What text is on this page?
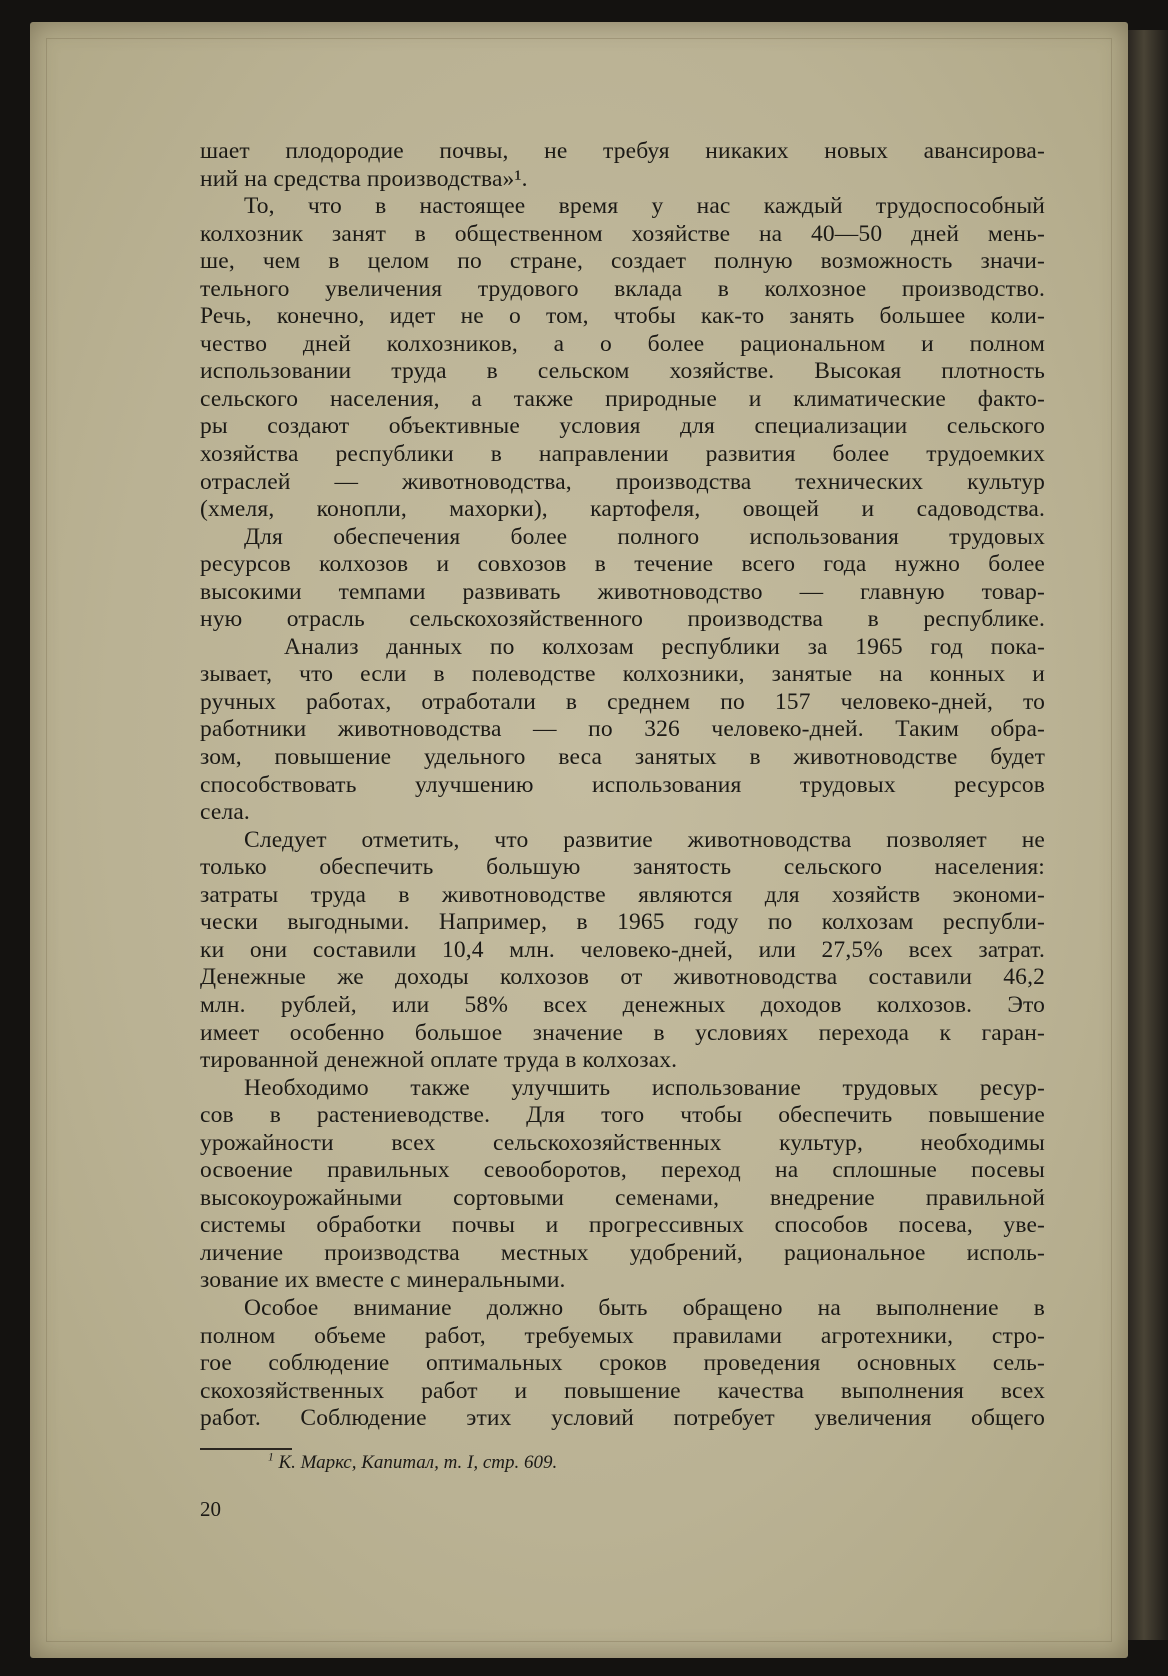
шает плодородие почвы, не требуя никаких новых авансирова-
ний на средства производства»¹.
То, что в настоящее время у нас каждый трудоспособный
колхозник занят в общественном хозяйстве на 40—50 дней мень-
ше, чем в целом по стране, создает полную возможность значи-
тельного увеличения трудового вклада в колхозное производство.
Речь, конечно, идет не о том, чтобы как-то занять большее коли-
чество дней колхозников, а о более рациональном и полном
использовании труда в сельском хозяйстве. Высокая плотность
сельского населения, а также природные и климатические факто-
ры создают объективные условия для специализации сельского
хозяйства республики в направлении развития более трудоемких
отраслей — животноводства, производства технических культур
(хмеля, конопли, махорки), картофеля, овощей и садоводства.
Для обеспечения более полного использования трудовых
ресурсов колхозов и совхозов в течение всего года нужно более
высокими темпами развивать животноводство — главную товар-
ную отрасль сельскохозяйственного производства в республике.
Анализ данных по колхозам республики за 1965 год пока-
зывает, что если в полеводстве колхозники, занятые на конных и
ручных работах, отработали в среднем по 157 человеко-дней, то
работники животноводства — по 326 человеко-дней. Таким обра-
зом, повышение удельного веса занятых в животноводстве будет
способствовать улучшению использования трудовых ресурсов
села.
Следует отметить, что развитие животноводства позволяет не
только обеспечить большую занятость сельского населения:
затраты труда в животноводстве являются для хозяйств экономи-
чески выгодными. Например, в 1965 году по колхозам республи-
ки они составили 10,4 млн. человеко-дней, или 27,5% всех затрат.
Денежные же доходы колхозов от животноводства составили 46,2
млн. рублей, или 58% всех денежных доходов колхозов. Это
имеет особенно большое значение в условиях перехода к гаран-
тированной денежной оплате труда в колхозах.
Необходимо также улучшить использование трудовых ресур-
сов в растениеводстве. Для того чтобы обеспечить повышение
урожайности всех сельскохозяйственных культур, необходимы
освоение правильных севооборотов, переход на сплошные посевы
высокоурожайными сортовыми семенами, внедрение правильной
системы обработки почвы и прогрессивных способов посева, уве-
личение производства местных удобрений, рациональное исполь-
зование их вместе с минеральными.
Особое внимание должно быть обращено на выполнение в
полном объеме работ, требуемых правилами агротехники, стро-
гое соблюдение оптимальных сроков проведения основных сель-
скохозяйственных работ и повышение качества выполнения всех
работ. Соблюдение этих условий потребует увеличения общего
$^1$ К. Маркс, Капитал, т. I, стр. 609.
20
